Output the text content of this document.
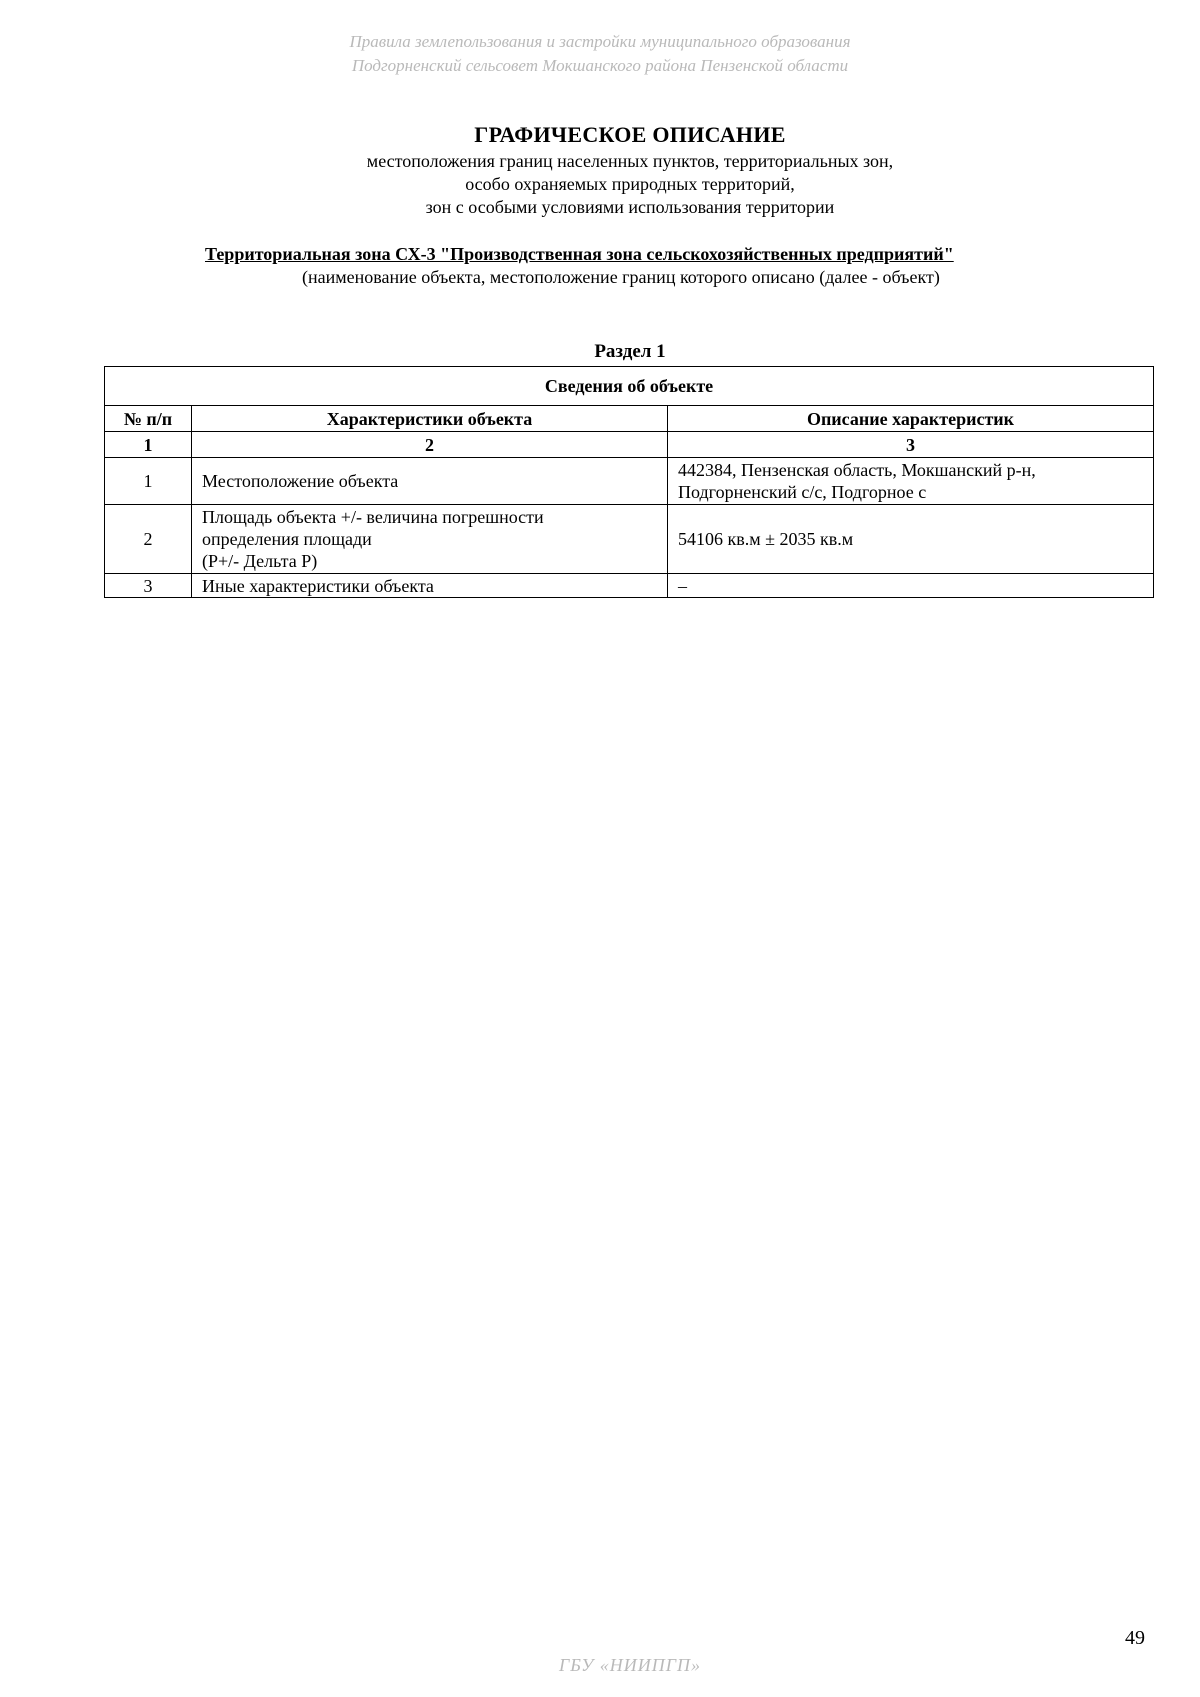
Правила землепользования и застройки муниципального образования
Подгорненский сельсовет Мокшанского района Пензенской области
ГРАФИЧЕСКОЕ ОПИСАНИЕ
местоположения границ населенных пунктов, территориальных зон,
особо охраняемых природных территорий,
зон с особыми условиями использования территории
Территориальная зона СХ-3 "Производственная зона сельскохозяйственных предприятий"
(наименование объекта, местоположение границ которого описано (далее - объект)
Раздел 1
Сведения об объекте		
№ п/п	Характеристики объекта	Описание характеристик
1	2	3
1	Местоположение объекта	442384, Пензенская область, Мокшанский р-н,
Подгорненский с/с, Подгорное с

2	Площадь объекта +/- величина погрешности
определения площади
(P+/- Дельта P)	54106 кв.м ± 2035 кв.м
3	Иные характеристики объекта	–
49
ГБУ «НИИПГП»
